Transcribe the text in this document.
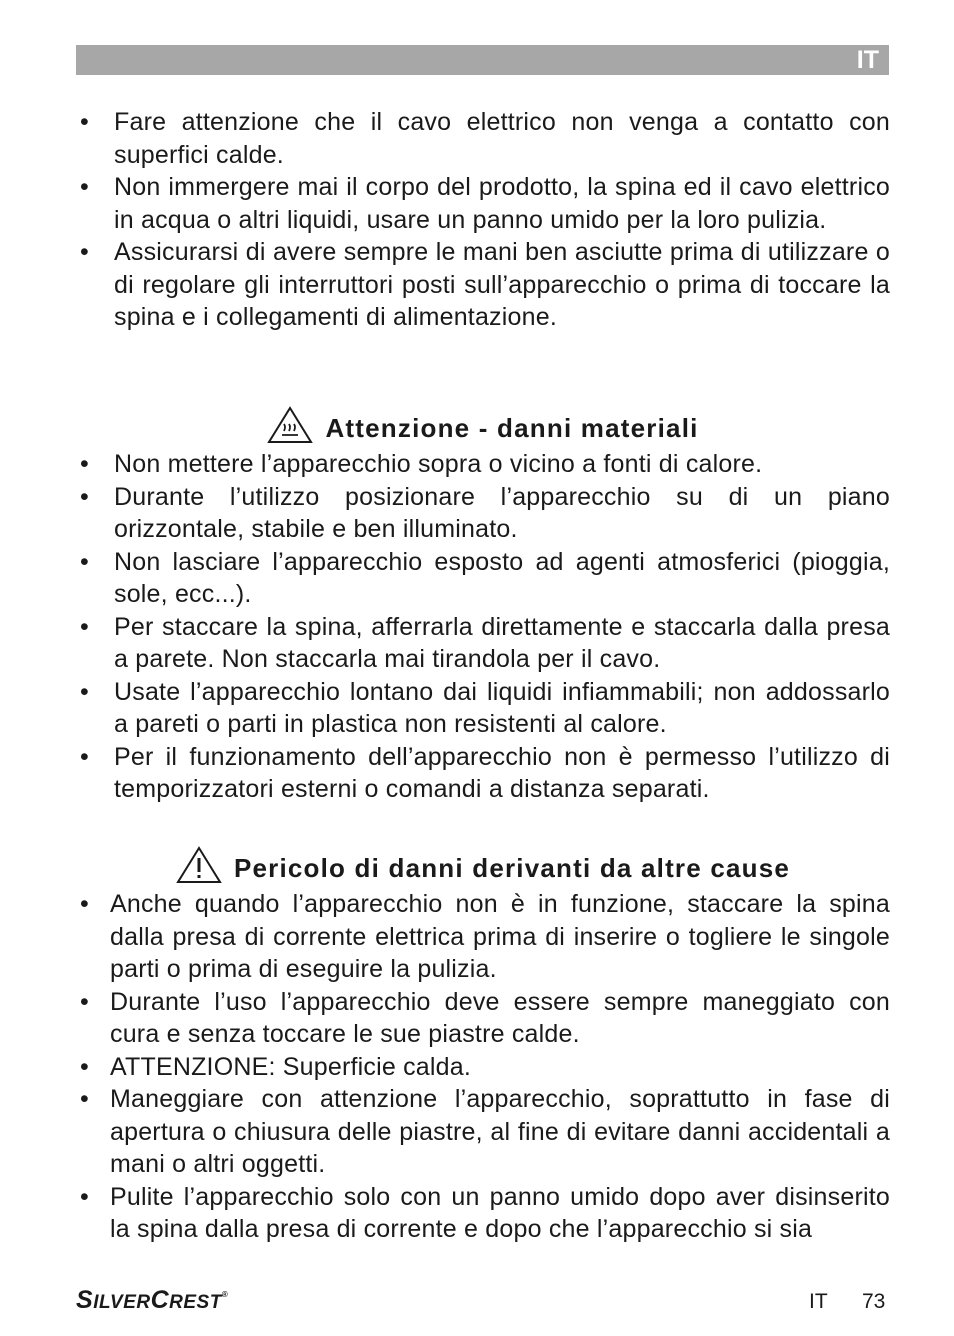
IT
• Fare attenzione che il cavo elettrico non venga a contatto con superfici calde.
• Non immergere mai il corpo del prodotto, la spina ed il cavo elettrico in acqua o altri liquidi, usare un panno umido per la loro pulizia.
• Assicurarsi di avere sempre le mani ben asciutte prima di utilizzare o di regolare gli interruttori posti sull’apparecchio o prima di toccare la spina e i collegamenti di alimentazione.
Attenzione - danni materiali
• Non mettere l’apparecchio sopra o vicino a fonti di calore.
• Durante l’utilizzo posizionare l’apparecchio su di un piano orizzontale, stabile e ben illuminato.
• Non lasciare l’apparecchio esposto ad agenti atmosferici (pioggia, sole, ecc...).
• Per staccare la spina, afferrarla direttamente e staccarla dalla presa a parete. Non staccarla mai tirandola per il cavo.
• Usate l’apparecchio lontano dai liquidi infiammabili; non addossarlo a pareti o parti in plastica non resistenti al calore.
• Per il funzionamento dell’apparecchio non è permesso l’utilizzo di temporizzatori esterni o comandi a distanza separati.
Pericolo di danni derivanti da altre cause
• Anche quando l’apparecchio non è in funzione, staccare la spina dalla presa di corrente elettrica prima di inserire o togliere le singole parti o prima di eseguire la pulizia.
• Durante l’uso l’apparecchio deve essere sempre maneggiato con cura e senza toccare le sue piastre calde.
• ATTENZIONE: Superficie calda.
• Maneggiare con attenzione l’apparecchio, soprattutto in fase di apertura o chiusura delle piastre, al fine di evitare danni accidentali a mani o altri oggetti.
• Pulite l’apparecchio solo con un panno umido dopo aver disinserito la spina dalla presa di corrente e dopo che l’apparecchio si sia
SILVERCREST®	IT 73
